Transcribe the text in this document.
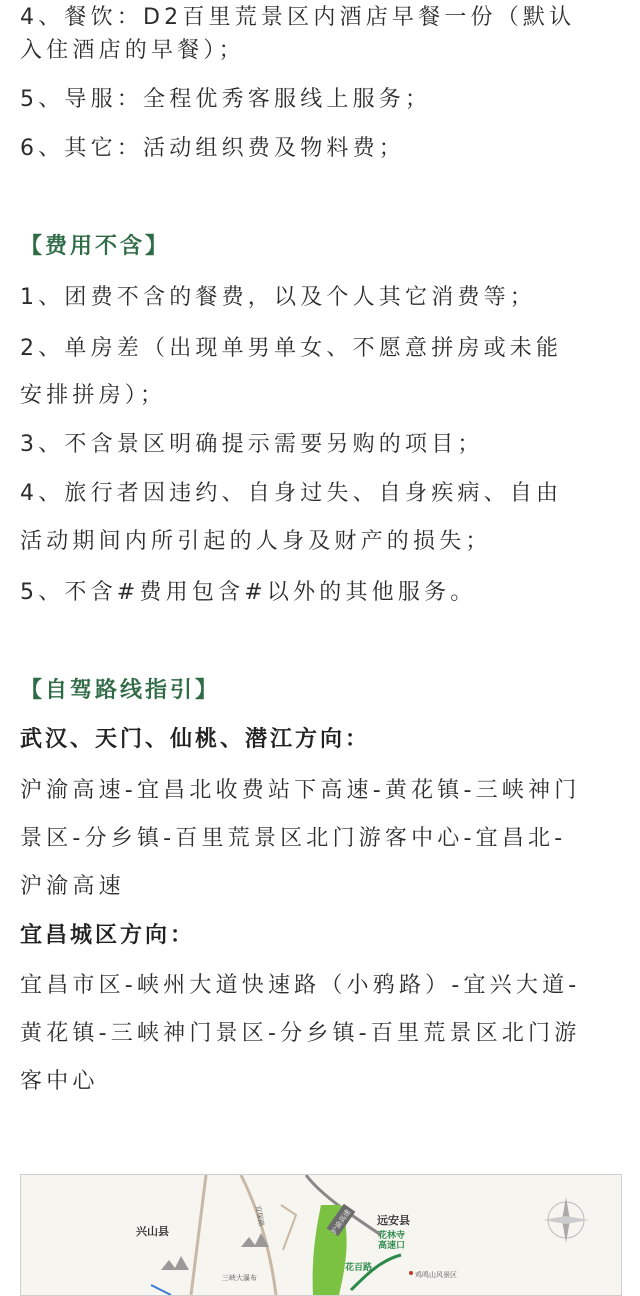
4、餐饮：D2百里荒景区内酒店早餐一份（默认
入住酒店的早餐）；
5、导服：全程优秀客服线上服务；
6、其它：活动组织费及物料费；
【费用不含】
1、团费不含的餐费，以及个人其它消费等；
2、单房差（出现单男单女、不愿意拼房或未能
安排拼房）；
3、不含景区明确提示需要另购的项目；
4、旅行者因违约、自身过失、自身疾病、自由
活动期间内所引起的人身及财产的损失；
5、不含#费用包含#以外的其他服务。
【自驾路线指引】
武汉、天门、仙桃、潜江方向：
沪渝高速-宜昌北收费站下高速-黄花镇-三峡神门
景区-分乡镇-百里荒景区北门游客中心-宜昌北-
沪渝高速
宜昌城区方向：
宜昌市区-峡州大道快速路（小鸦路）-宜兴大道-
黄花镇-三峡神门景区-分乡镇-百里荒景区北门游
客中心
兴山县
远安县
花林寺
高速口
宜保路
花百路
鸡鸣山风景区
三峡大瀑布
沪渝高速
